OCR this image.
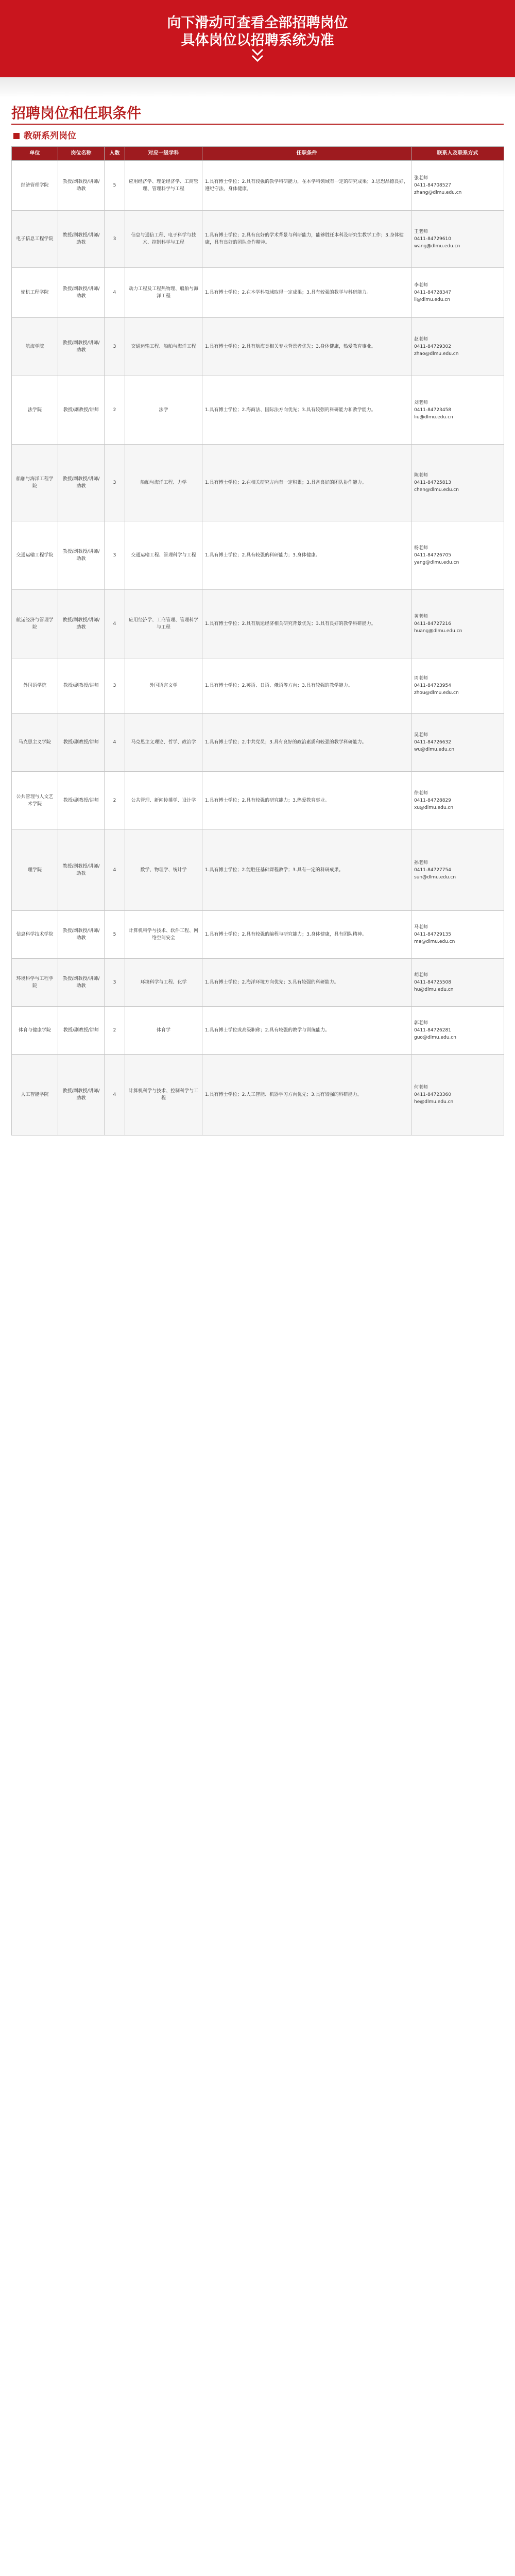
向下滑动可查看全部招聘岗位
具体岗位以招聘系统为准
招聘岗位和任职条件
教研系列岗位
单位	岗位名称	人数	对应一级学科	任职条件	联系人及联系方式
经济管理学院	教授/副教授/讲师/助教	5	应用经济学、理论经济学、工商管理、管理科学与工程	1.具有博士学位；2.具有较强的教学科研能力，在本学科领域有一定的研究成果；3.思想品德良好，遵纪守法，身体健康。	张老师
0411-84708527
zhang@dlmu.edu.cn
电子信息工程学院	教授/副教授/讲师/助教	3	信息与通信工程、电子科学与技术、控制科学与工程	1.具有博士学位；2.具有良好的学术背景与科研能力，能够胜任本科及研究生教学工作；3.身体健康，具有良好的团队合作精神。	王老师
0411-84729610
wang@dlmu.edu.cn
轮机工程学院	教授/副教授/讲师/助教	4	动力工程及工程热物理、船舶与海洋工程	1.具有博士学位；2.在本学科领域取得一定成果；3.具有较强的教学与科研能力。	李老师
0411-84728347
li@dlmu.edu.cn
航海学院	教授/副教授/讲师/助教	3	交通运输工程、船舶与海洋工程	1.具有博士学位；2.具有航海类相关专业背景者优先；3.身体健康，热爱教育事业。	赵老师
0411-84729302
zhao@dlmu.edu.cn
法学院	教授/副教授/讲师	2	法学	1.具有博士学位；2.海商法、国际法方向优先；3.具有较强的科研能力和教学能力。	刘老师
0411-84723458
liu@dlmu.edu.cn
船舶与海洋工程学院	教授/副教授/讲师/助教	3	船舶与海洋工程、力学	1.具有博士学位；2.在相关研究方向有一定积累；3.具备良好的团队协作能力。	陈老师
0411-84725813
chen@dlmu.edu.cn
交通运输工程学院	教授/副教授/讲师/助教	3	交通运输工程、管理科学与工程	1.具有博士学位；2.具有较强的科研能力；3.身体健康。	杨老师
0411-84726705
yang@dlmu.edu.cn
航运经济与管理学院	教授/副教授/讲师/助教	4	应用经济学、工商管理、管理科学与工程	1.具有博士学位；2.具有航运经济相关研究背景优先；3.具有良好的教学科研能力。	黄老师
0411-84727216
huang@dlmu.edu.cn
外国语学院	教授/副教授/讲师	3	外国语言文学	1.具有博士学位；2.英语、日语、俄语等方向；3.具有较强的教学能力。	周老师
0411-84723954
zhou@dlmu.edu.cn
马克思主义学院	教授/副教授/讲师	4	马克思主义理论、哲学、政治学	1.具有博士学位；2.中共党员；3.具有良好的政治素质和较强的教学科研能力。	吴老师
0411-84726632
wu@dlmu.edu.cn
公共管理与人文艺术学院	教授/副教授/讲师	2	公共管理、新闻传播学、设计学	1.具有博士学位；2.具有较强的研究能力；3.热爱教育事业。	徐老师
0411-84728829
xu@dlmu.edu.cn
理学院	教授/副教授/讲师/助教	4	数学、物理学、统计学	1.具有博士学位；2.能胜任基础课程教学；3.具有一定的科研成果。	孙老师
0411-84727754
sun@dlmu.edu.cn
信息科学技术学院	教授/副教授/讲师/助教	5	计算机科学与技术、软件工程、网络空间安全	1.具有博士学位；2.具有较强的编程与研究能力；3.身体健康，具有团队精神。	马老师
0411-84729135
ma@dlmu.edu.cn
环境科学与工程学院	教授/副教授/讲师/助教	3	环境科学与工程、化学	1.具有博士学位；2.海洋环境方向优先；3.具有较强的科研能力。	胡老师
0411-84725508
hu@dlmu.edu.cn
体育与健康学院	教授/副教授/讲师	2	体育学	1.具有博士学位或高级职称；2.具有较强的教学与训练能力。	郭老师
0411-84726281
guo@dlmu.edu.cn
人工智能学院	教授/副教授/讲师/助教	4	计算机科学与技术、控制科学与工程	1.具有博士学位；2.人工智能、机器学习方向优先；3.具有较强的科研能力。	何老师
0411-84723360
he@dlmu.edu.cn
